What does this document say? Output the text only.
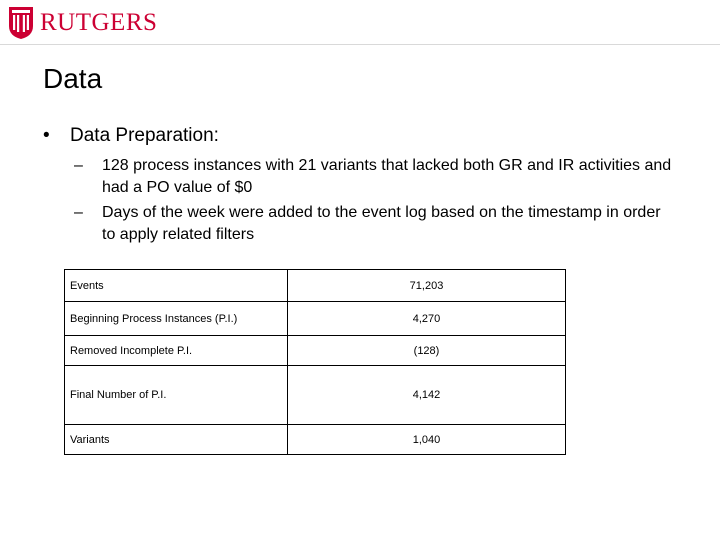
RUTGERS
Data
•	Data Preparation:
–	128 process instances with 21 variants that lacked both GR and IR activities and had a PO value of $0
–	Days of the week were added to the event log based on the timestamp in order to apply related filters
Events	71,203
Beginning Process Instances (P.I.)	4,270
Removed Incomplete P.I.	(128)
Final Number of P.I.	4,142
Variants	1,040
